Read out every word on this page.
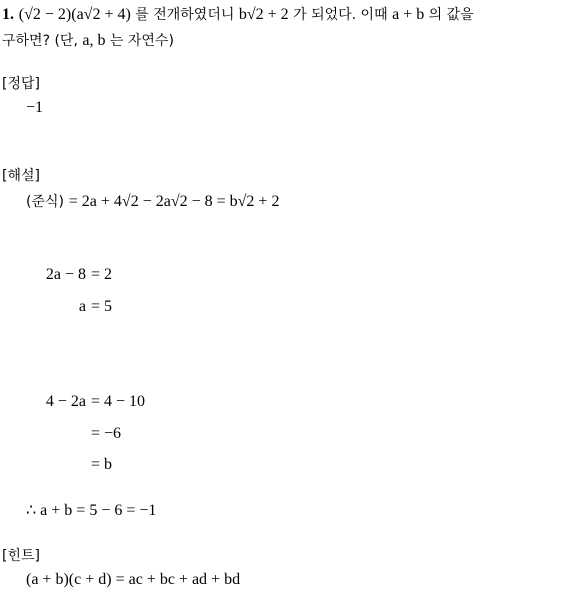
1. (√2 − 2)(a√2 + 4) 를 전개하였더니 b√2 + 2 가 되었다. 이때 a + b 의 값을
구하면? (단, a, b 는 자연수)
[정답]
−1
[해설]
(준식) = 2a + 4√2 − 2a√2 − 8 = b√2 + 2
2a − 8 = 2
a = 5
4 − 2a = 4 − 10
= −6
= b
∴ a + b = 5 − 6 = −1
[힌트]
(a + b)(c + d) = ac + bc + ad + bd
